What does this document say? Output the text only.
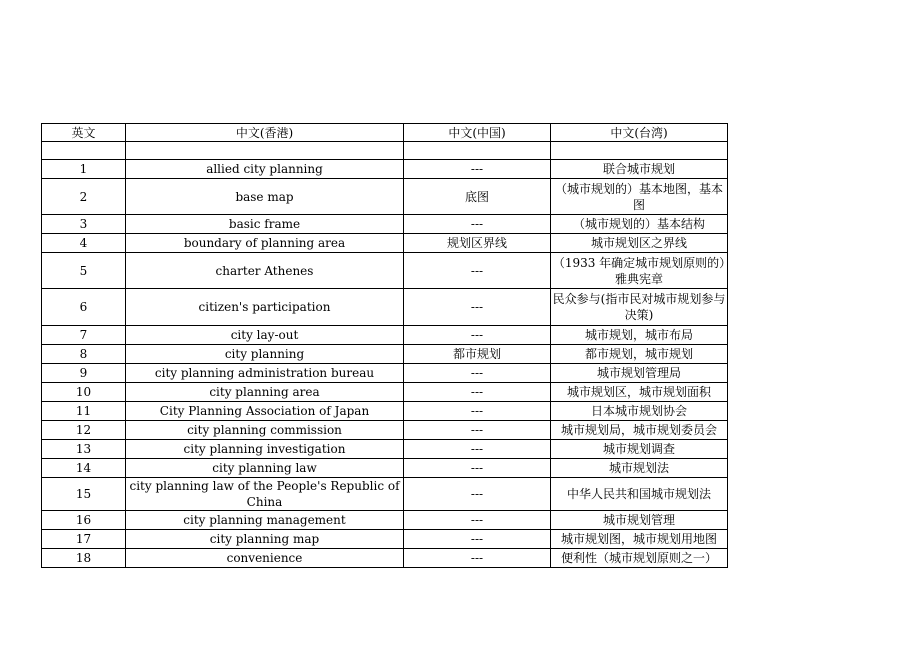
英文	中文(香港)	中文(中国)	中文(台湾)

1	allied city planning	---	联合城市规划
2	base map	底图	（城市规划的）基本地图，基本图
3	basic frame	---	（城市规划的）基本结构
4	boundary of planning area	规划区界线	城市规划区之界线
5	charter Athenes	---	（1933 年确定城市规划原则的）雅典宪章
6	citizen's participation	---	民众参与(指市民对城市规划参与决策)
7	city lay-out	---	城市规划，城市布局
8	city planning	都市规划	都市规划，城市规划
9	city planning administration bureau	---	城市规划管理局
10	city planning area	---	城市规划区，城市规划面积
11	City Planning Association of Japan	---	日本城市规划协会
12	city planning commission	---	城市规划局，城市规划委员会
13	city planning investigation	---	城市规划调查
14	city planning law	---	城市规划法
15	city planning law of the People's Republic of China	---	中华人民共和国城市规划法
16	city planning management	---	城市规划管理
17	city planning map	---	城市规划图，城市规划用地图
18	convenience	---	便利性（城市规划原则之一）
